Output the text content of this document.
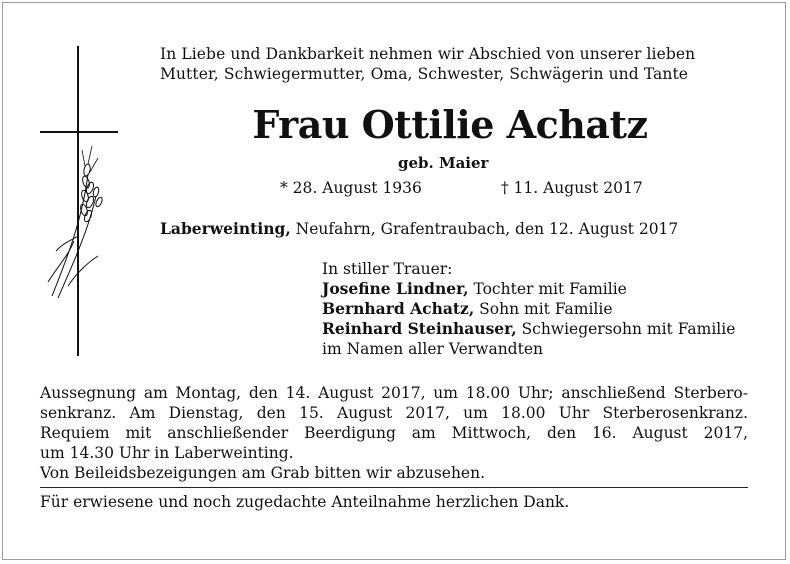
In Liebe und Dankbarkeit nehmen wir Abschied von unserer lieben
Mutter, Schwiegermutter, Oma, Schwester, Schwägerin und Tante
Frau Ottilie Achatz
geb. Maier
* 28. August 1936	† 11. August 2017
Laberweinting, Neufahrn, Grafentraubach, den 12. August 2017
In stiller Trauer:
Josefine Lindner, Tochter mit Familie
Bernhard Achatz, Sohn mit Familie
Reinhard Steinhauser, Schwiegersohn mit Familie
im Namen aller Verwandten

Aussegnung am Montag, den 14. August 2017, um 18.00 Uhr; anschließend Sterbero-

senkranz. Am Dienstag, den 15. August 2017, um 18.00 Uhr Sterberosenkranz.

Requiem mit anschließender Beerdigung am Mittwoch, den 16. August 2017,

um 14.30 Uhr in Laberweinting.

Von Beileidsbezeigungen am Grab bitten wir abzusehen.

Für erwiesene und noch zugedachte Anteilnahme herzlichen Dank.
